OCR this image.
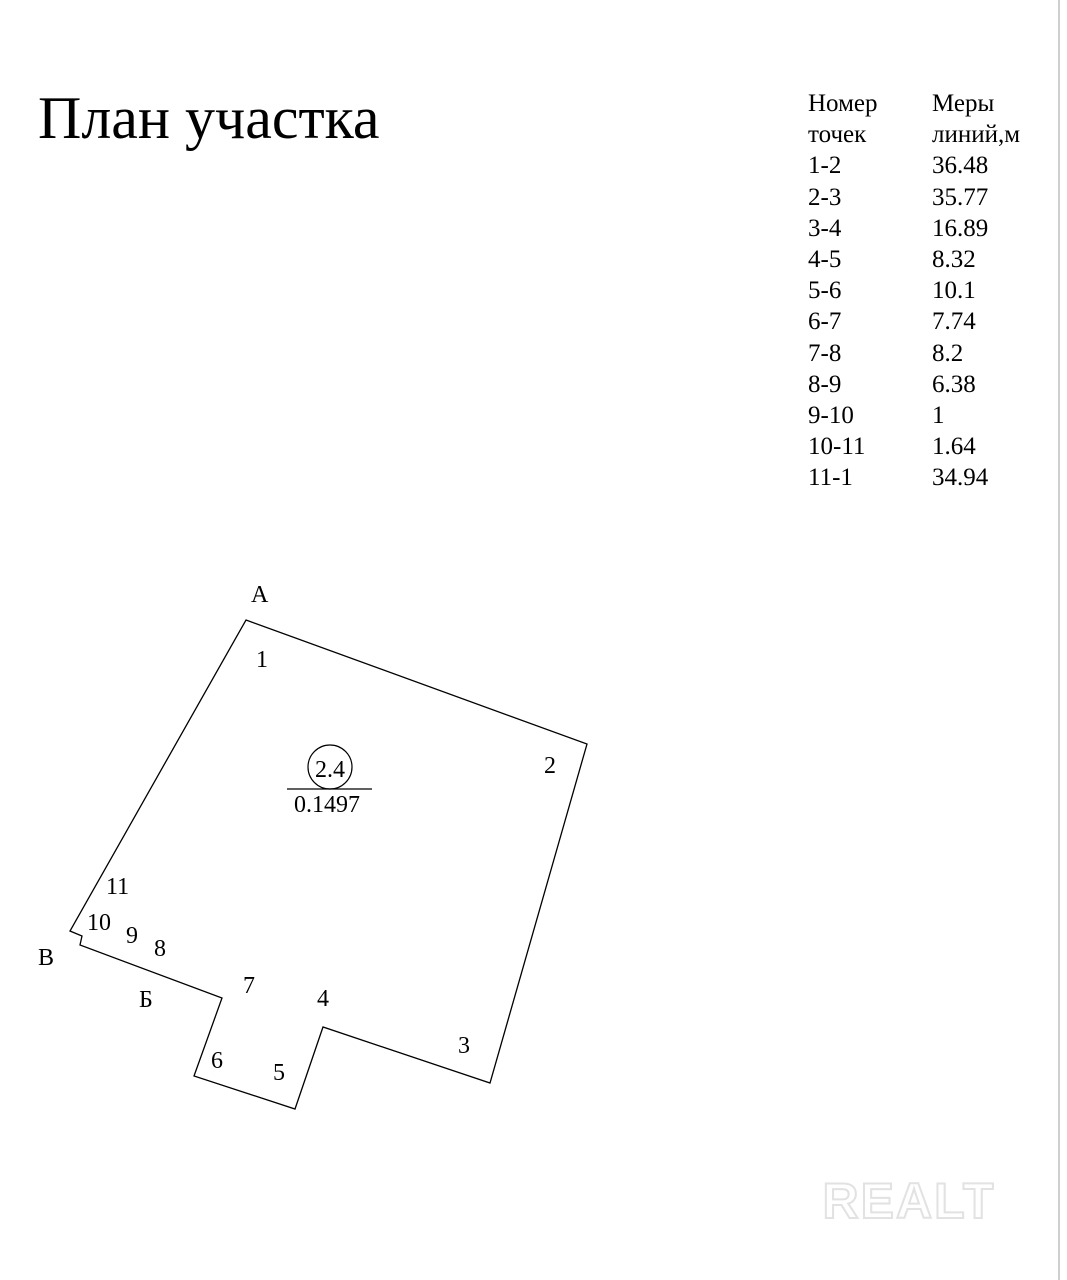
План участка	Номер	Меры
точек	линий,м
1-2	36.48
2-3	35.77
3-4	16.89
4-5	8.32
5-6	10.1
6-7	7.74
7-8	8.2
8-9	6.38
9-10	1
10-11	1.64
11-1	34.94
2.4
0.1497
1
2
3
4
5
6
7
8
9
10
11
А
Б
В
REALT
